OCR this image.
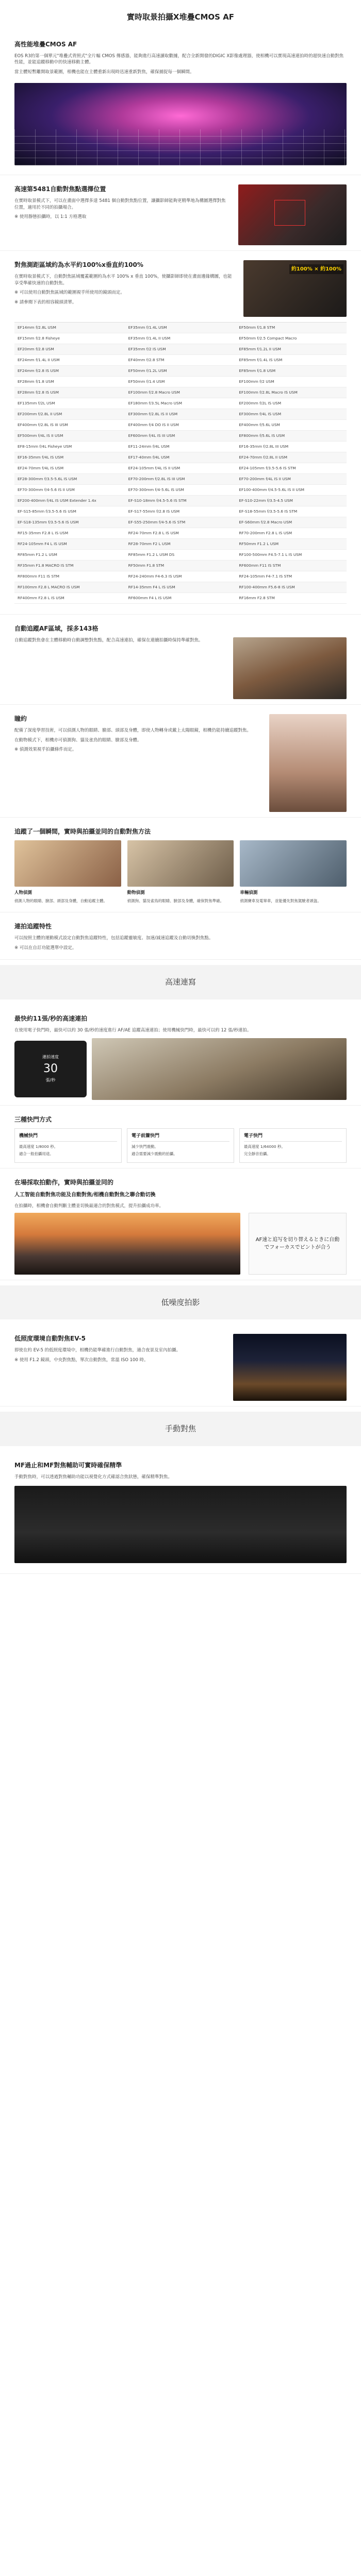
實時取景拍攝X堆疊CMOS AF
高性能堆疊CMOS AF

EOS R3的第一個單元"堆疊式背照式"全片幅 CMOS 傳感器，能夠進行高速讀取數據，配合全新開發的DIGIC X影像處理器，使相機可以實現高速連拍時的超快速自動對焦性能，並能追蹤移動中的快速移動主體。

當主體短暫離開取景範圍，相機也能在主體重新出現時迅速重新對焦，確保捕捉每一個瞬間。

高速第5481自動對焦點選擇位置

在實時取景模式下，可以在畫面中選擇多達 5481 個自動對焦點位置，讓攝影師能夠更精準地為構圖選擇對焦位置，適用於不同的拍攝場合。

※ 使用靜態拍攝時，以 1:1 方格選取

對焦測距區域約為水平約100%x垂直約100%

在實時取景模式下，自動對焦區域覆蓋範圍約為水平 100% x 垂直 100%，使攝影師即使在畫面邊緣構圖，也能享受準確快速的自動對焦。

※ 可以使用自動對焦區域的範圍視乎所使用的鏡頭而定。

※ 請參閱下表的相容鏡頭清單。

約100% × 約100%
EF14mm f/2.8L USM	EF35mm f/1.4L USM	EF50mm f/1.8 STM
EF15mm f/2.8 Fisheye	EF35mm f/1.4L II USM	EF50mm f/2.5 Compact Macro
EF20mm f/2.8 USM	EF35mm f/2 IS USM	EF85mm f/1.2L II USM
EF24mm f/1.4L II USM	EF40mm f/2.8 STM	EF85mm f/1.4L IS USM
EF24mm f/2.8 IS USM	EF50mm f/1.2L USM	EF85mm f/1.8 USM
EF28mm f/1.8 USM	EF50mm f/1.4 USM	EF100mm f/2 USM
EF28mm f/2.8 IS USM	EF100mm f/2.8 Macro USM	EF100mm f/2.8L Macro IS USM
EF135mm f/2L USM	EF180mm f/3.5L Macro USM	EF200mm f/2L IS USM
EF200mm f/2.8L II USM	EF300mm f/2.8L IS II USM	EF300mm f/4L IS USM
EF400mm f/2.8L IS III USM	EF400mm f/4 DO IS II USM	EF400mm f/5.6L USM
EF500mm f/4L IS II USM	EF600mm f/4L IS III USM	EF800mm f/5.6L IS USM
EF8-15mm f/4L Fisheye USM	EF11-24mm f/4L USM	EF16-35mm f/2.8L III USM
EF16-35mm f/4L IS USM	EF17-40mm f/4L USM	EF24-70mm f/2.8L II USM
EF24-70mm f/4L IS USM	EF24-105mm f/4L IS II USM	EF24-105mm f/3.5-5.6 IS STM
EF28-300mm f/3.5-5.6L IS USM	EF70-200mm f/2.8L IS III USM	EF70-200mm f/4L IS II USM
EF70-300mm f/4-5.6 IS II USM	EF70-300mm f/4-5.6L IS USM	EF100-400mm f/4.5-5.6L IS II USM
EF200-400mm f/4L IS USM Extender 1.4x	EF-S10-18mm f/4.5-5.6 IS STM	EF-S10-22mm f/3.5-4.5 USM
EF-S15-85mm f/3.5-5.6 IS USM	EF-S17-55mm f/2.8 IS USM	EF-S18-55mm f/3.5-5.6 IS STM
EF-S18-135mm f/3.5-5.6 IS USM	EF-S55-250mm f/4-5.6 IS STM	EF-S60mm f/2.8 Macro USM
RF15-35mm F2.8 L IS USM	RF24-70mm F2.8 L IS USM	RF70-200mm F2.8 L IS USM
RF24-105mm F4 L IS USM	RF28-70mm F2 L USM	RF50mm F1.2 L USM
RF85mm F1.2 L USM	RF85mm F1.2 L USM DS	RF100-500mm F4.5-7.1 L IS USM
RF35mm F1.8 MACRO IS STM	RF50mm F1.8 STM	RF600mm F11 IS STM
RF800mm F11 IS STM	RF24-240mm F4-6.3 IS USM	RF24-105mm F4-7.1 IS STM
RF100mm F2.8 L MACRO IS USM	RF14-35mm F4 L IS USM	RF100-400mm F5.6-8 IS USM
RF400mm F2.8 L IS USM	RF600mm F4 L IS USM	RF16mm F2.8 STM
自動追蹤AF區域，採多143格

自動追蹤對焦會在主體移動時自動調整對焦點，配合高速連拍，確保在連續拍攝時保持準確對焦。

瞳約

配備了深度學習技術，可以偵測人物的眼睛、臉部、頭部及身體，即使人物轉身或戴上太陽眼鏡，相機仍能持續追蹤對焦。

在動物模式下，相機亦可偵測狗、貓及雀鳥的眼睛、臉部及身體。

※ 偵測效果視乎拍攝條件而定。

追蹤了一個瞬間，實時與拍攝並同的自動對焦方法
人物偵測

偵測人物的眼睛、臉部、頭部及身體，自動追蹤主體。

動物偵測

偵測狗、貓及雀鳥的眼睛、臉部及身體，確保對焦準確。

車輛偵測

偵測賽車及電單車，並能優先對焦駕駛者頭盔。

連拍追蹤特性

可以按照主體的運動模式設定自動對焦追蹤特性，包括追蹤靈敏度、加速/減速追蹤及自動切換對焦點。

※ 可以在自訂功能選單中設定。

高速連寫
最快約11張/秒的高速連拍

在使用電子快門時，最快可以約 30 張/秒的速度進行 AF/AE 追蹤高速連拍；使用機械快門時，最快可以約 12 張/秒連拍。

連拍速度
30
張/秒
三種快門方式
機械快門

最高速度 1/8000 秒。

適合一般拍攝用途。

電子前簾快門

減少快門震動。

適合需要減少震動的拍攝。

電子快門

最高速度 1/64000 秒。

完全靜音拍攝。

在場採取拍動作，實時與拍攝並同的
人工智能自動對焦功能及自動對焦/相機自動對焦之聯合動切換

在拍攝時，相機會自動判斷主體並切換最適合的對焦模式，提升拍攝成功率。

AF速と追写を切り替えるときに自動でフォーカスでピントが合う
低噪度拍影
低照度環境自動對焦EV-5

即使在約 EV-5 的低照度環境中，相機仍能準確進行自動對焦，適合夜景及室內拍攝。

※ 使用 F1.2 鏡頭，中央對焦點，單次自動對焦，常溫 ISO 100 時。

手動對焦
MF過止和MF對焦輔助可實時確保精準

手動對焦時，可以透過對焦輔助功能以視覺化方式確認合焦狀態，確保精準對焦。
